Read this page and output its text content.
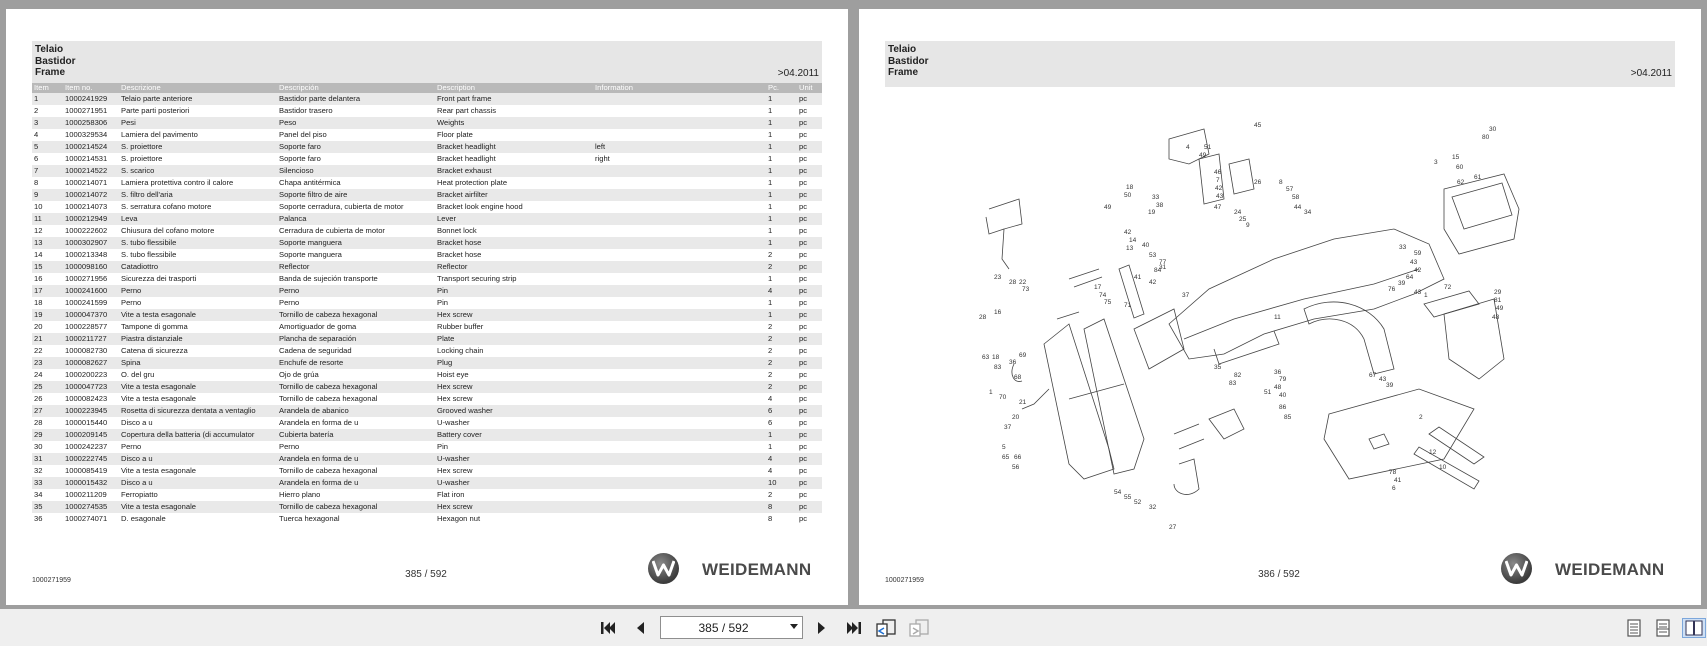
Telaio
Bastidor
Frame	>04.2011
Item	Item no.	Descrizione	Descripción	Description	Information	Pc.	Unit
1	1000241929	Telaio parte anteriore	Bastidor parte delantera	Front part frame		1	pc
2	1000271951	Parte parti posteriori	Bastidor trasero	Rear part chassis		1	pc
3	1000258306	Pesi	Peso	Weights		1	pc
4	1000329534	Lamiera del pavimento	Panel del piso	Floor plate		1	pc
5	1000214524	S. proiettore	Soporte faro	Bracket headlight	left	1	pc
6	1000214531	S. proiettore	Soporte faro	Bracket headlight	right	1	pc
7	1000214522	S. scarico	Silencioso	Bracket exhaust		1	pc
8	1000214071	Lamiera protettiva contro il calore	Chapa antitérmica	Heat protection plate		1	pc
9	1000214072	S. filtro dell'aria	Soporte filtro de aire	Bracket airfilter		1	pc
10	1000214073	S. serratura cofano motore	Soporte cerradura, cubierta de motor	Bracket look engine hood		1	pc
11	1000212949	Leva	Palanca	Lever		1	pc
12	1000222602	Chiusura del cofano motore	Cerradura de cubierta de motor	Bonnet lock		1	pc
13	1000302907	S. tubo flessibile	Soporte manguera	Bracket hose		1	pc
14	1000213348	S. tubo flessibile	Soporte manguera	Bracket hose		2	pc
15	1000098160	Catadiottro	Reflector	Reflector		2	pc
16	1000271956	Sicurezza dei trasporti	Banda de sujeción transporte	Transport securing strip		1	pc
17	1000241600	Perno	Perno	Pin		4	pc
18	1000241599	Perno	Perno	Pin		1	pc
19	1000047370	Vite a testa esagonale	Tornillo de cabeza hexagonal	Hex screw		1	pc
20	1000228577	Tampone di gomma	Amortiguador de goma	Rubber buffer		2	pc
21	1000211727	Piastra distanziale	Plancha de separación	Plate		2	pc
22	1000082730	Catena di sicurezza	Cadena de seguridad	Locking chain		2	pc
23	1000082627	Spina	Enchufe de resorte	Plug		2	pc
24	1000200223	O. del gru	Ojo de grúa	Hoist eye		2	pc
25	1000047723	Vite a testa esagonale	Tornillo de cabeza hexagonal	Hex screw		2	pc
26	1000082423	Vite a testa esagonale	Tornillo de cabeza hexagonal	Hex screw		4	pc
27	1000223945	Rosetta di sicurezza dentata a ventaglio	Arandela de abanico	Grooved washer		6	pc
28	1000015440	Disco a u	Arandela en forma de u	U-washer		6	pc
29	1000209145	Copertura della batteria (di accumulator	Cubierta batería	Battery cover		1	pc
30	1000242237	Perno	Perno	Pin		1	pc
31	1000222745	Disco a u	Arandela en forma de u	U-washer		4	pc
32	1000085419	Vite a testa esagonale	Tornillo de cabeza hexagonal	Hex screw		4	pc
33	1000015432	Disco a u	Arandela en forma de u	U-washer		10	pc
34	1000211209	Ferropiatto	Hierro plano	Flat iron		2	pc
35	1000274535	Vite a testa esagonale	Tornillo de cabeza hexagonal	Hex screw		8	pc
36	1000274071	D. esagonale	Tuerca hexagonal	Hexagon nut		8	pc
1000271959
385 / 592	WEIDEMANN
Telaio
Bastidor
Frame	>04.2011
30
80
3
15
60
61
62
1
72
29
81
49
48
4 51
49
46
7
42
43
45
8
57
58
44
34
33
59
43
42
64
39
76	43
42
14
13 40
53
77
84
41
42
17
74
75 71
31
35
82
83
36
79
48
40
51
86
85
67
43
39
2
12
10
78
41
6
37
33
38
19
18
50
49
23
28 22
73
28
16
63 18
83
36
69
68
1
70
21
20
37
5
65 66
56
54
55
52
32
27
26
24
25
9
47
11
1000271959
386 / 592	WEIDEMANN
385 / 592
